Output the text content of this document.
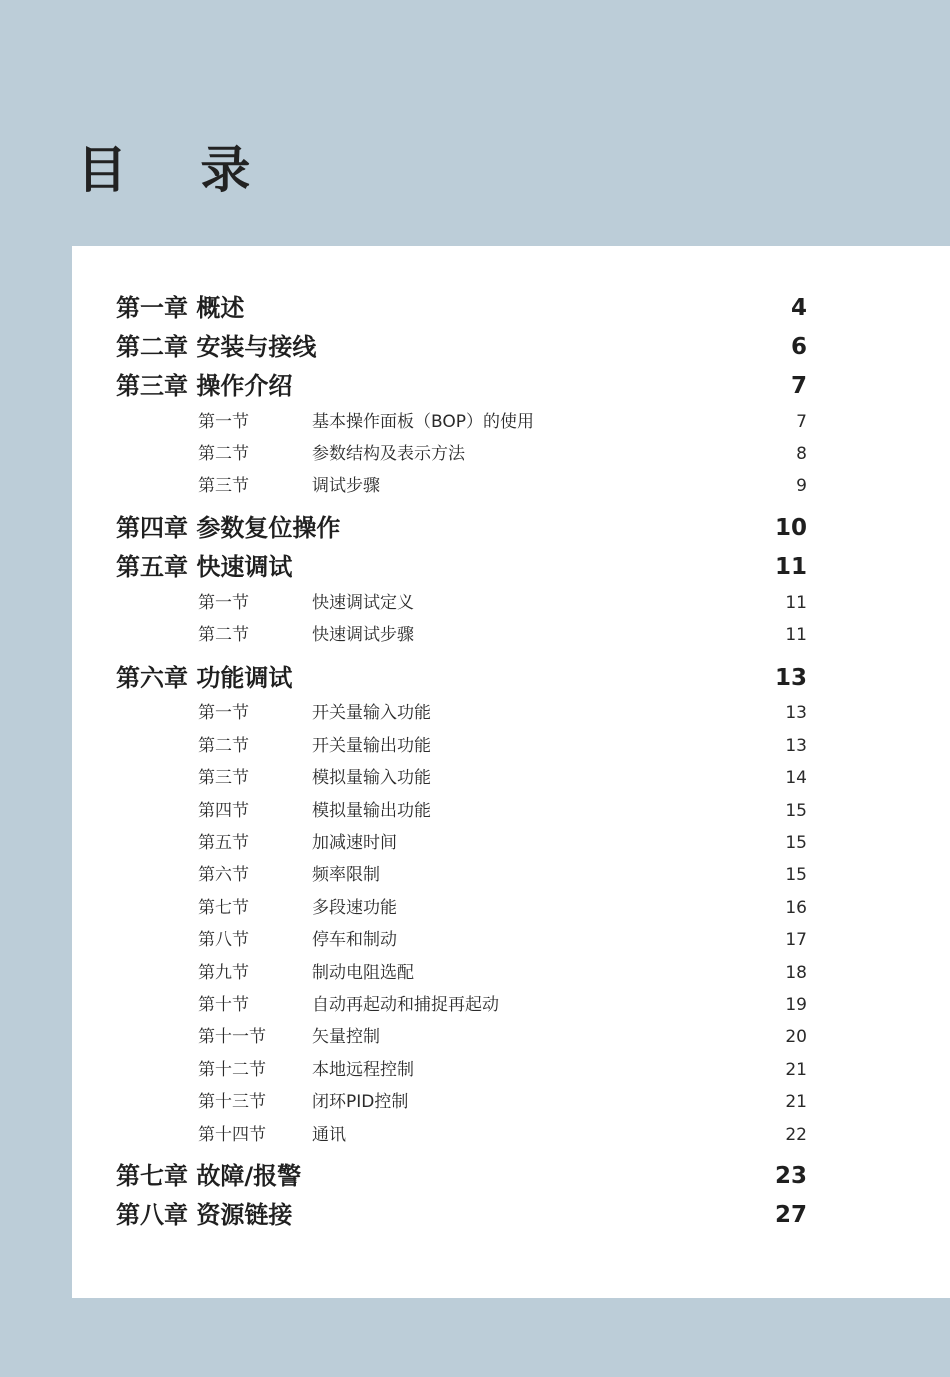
目 录
第一章 概述	4
第二章 安装与接线	6
第三章 操作介绍	7
第一节	基本操作面板（BOP）的使用	7
第二节	参数结构及表示方法	8
第三节	调试步骤	9
第四章 参数复位操作	10
第五章 快速调试	11
第一节	快速调试定义	11
第二节	快速调试步骤	11
第六章 功能调试	13
第一节	开关量输入功能	13
第二节	开关量输出功能	13
第三节	模拟量输入功能	14
第四节	模拟量输出功能	15
第五节	加减速时间	15
第六节	频率限制	15
第七节	多段速功能	16
第八节	停车和制动	17
第九节	制动电阻选配	18
第十节	自动再起动和捕捉再起动	19
第十一节	矢量控制	20
第十二节	本地远程控制	21
第十三节	闭环PID控制	21
第十四节	通讯	22
第七章 故障/报警	23
第八章 资源链接	27
